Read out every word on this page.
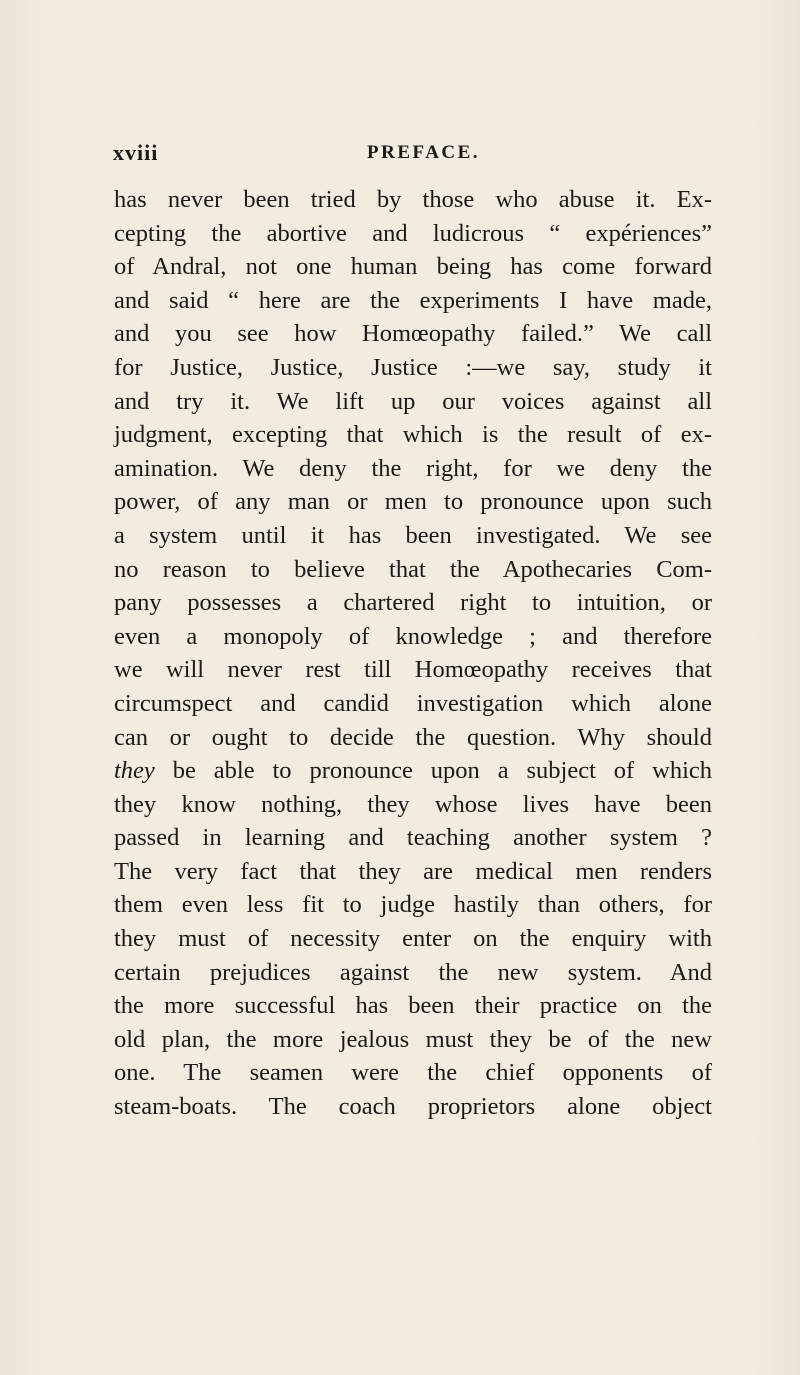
xviii	PREFACE.
has never been tried by those who abuse it. Ex-
cepting the abortive and ludicrous “ expériences”
of Andral, not one human being has come forward
and said “ here are the experiments I have made,
and you see how Homœopathy failed.” We call
for Justice, Justice, Justice :—we say, study it
and try it. We lift up our voices against all
judgment, excepting that which is the result of ex-
amination. We deny the right, for we deny the
power, of any man or men to pronounce upon such
a system until it has been investigated. We see
no reason to believe that the Apothecaries Com-
pany possesses a chartered right to intuition, or
even a monopoly of knowledge ; and therefore
we will never rest till Homœopathy receives that
circumspect and candid investigation which alone
can or ought to decide the question. Why should
they be able to pronounce upon a subject of which
they know nothing, they whose lives have been
passed in learning and teaching another system ?
The very fact that they are medical men renders
them even less fit to judge hastily than others, for
they must of necessity enter on the enquiry with
certain prejudices against the new system. And
the more successful has been their practice on the
old plan, the more jealous must they be of the new
one. The seamen were the chief opponents of
steam-boats. The coach proprietors alone object
